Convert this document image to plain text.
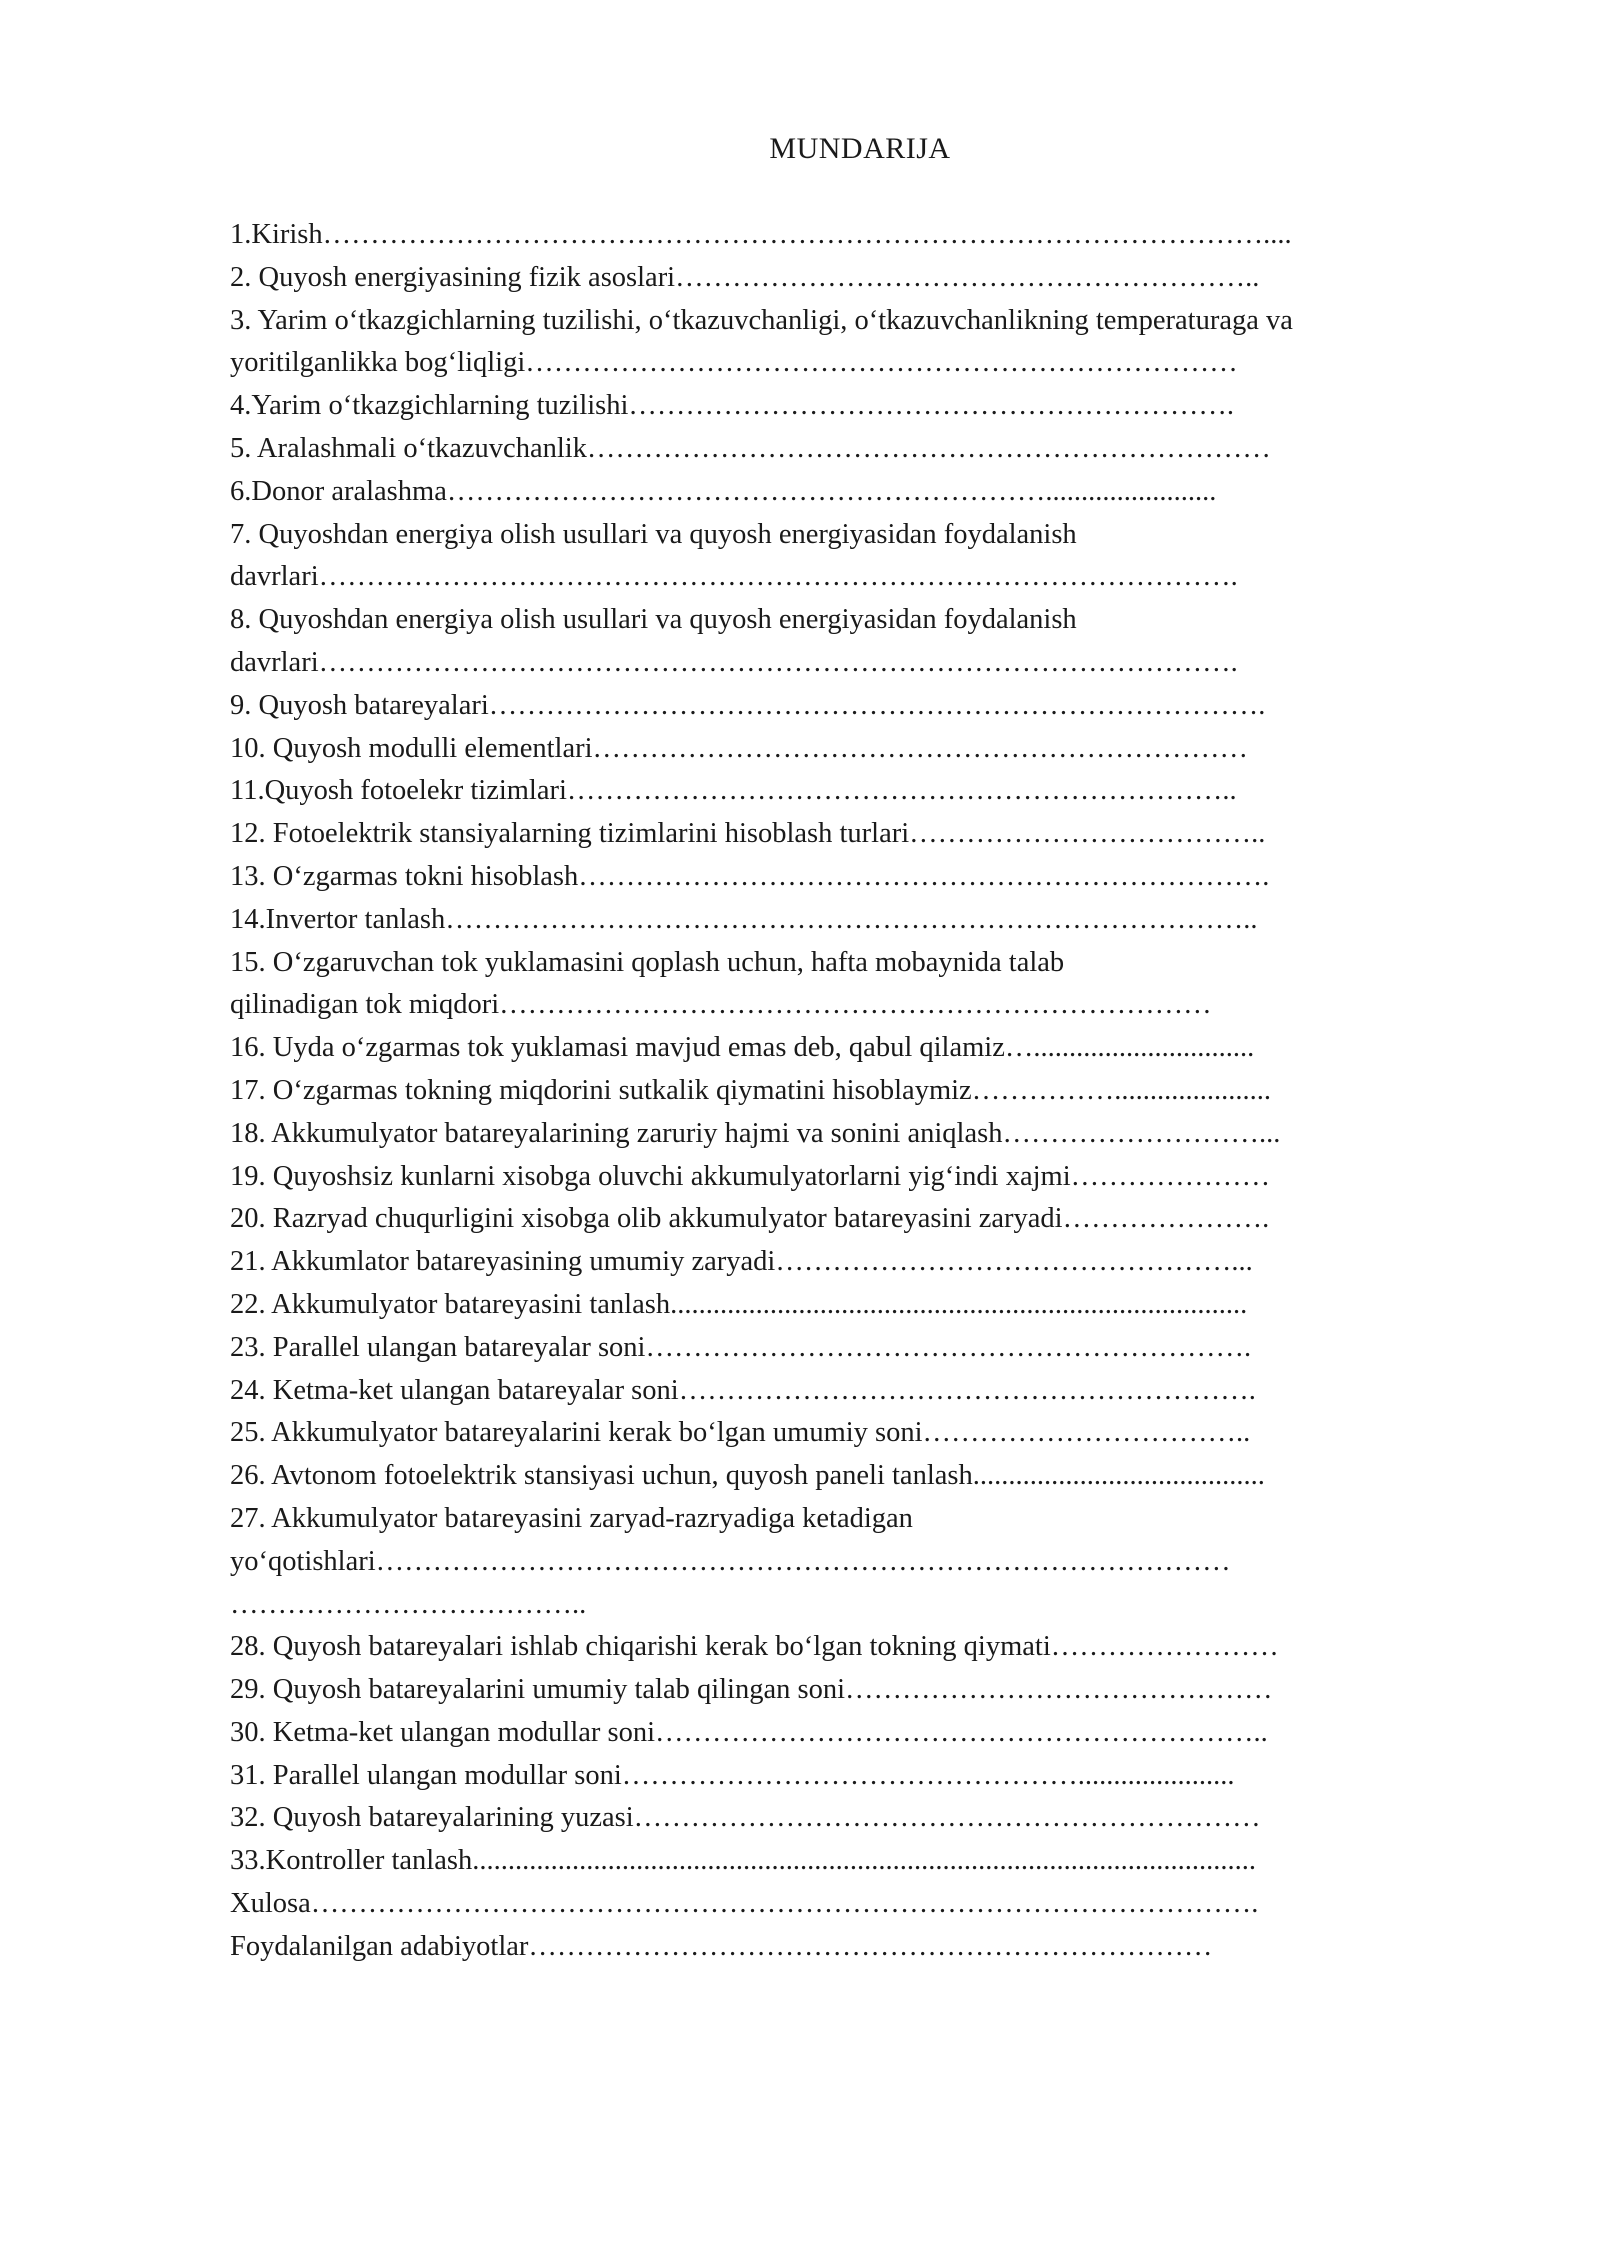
MUNDARIJA
1.Kirish………………………………………………………………………………………....
2. Quyosh energiyasining fizik asoslari……………………………………………………..
3. Yarim o‘tkazgichlarning tuzilishi, o‘tkazuvchanligi, o‘tkazuvchanlikning temperaturaga va
yoritilganlikka bog‘liqligi…………………………………………………………………
4.Yarim o‘tkazgichlarning tuzilishi……………………………………………………….
5. Aralashmali o‘tkazuvchanlik………………………………………………………………
6.Donor aralashma………………………………………………………........................
7. Quyoshdan energiya olish usullari va quyosh energiyasidan foydalanish
davrlari…………………………………………………………………………………….
8. Quyoshdan energiya olish usullari va quyosh energiyasidan foydalanish
davrlari…………………………………………………………………………………….
9. Quyosh batareyalari……………………………………………………………………….
10. Quyosh modulli elementlari……………………………………………………………
11.Quyosh fotoelekr tizimlari……………………………………………………………..
12. Fotoelektrik stansiyalarning tizimlarini hisoblash turlari………………………………..
13. O‘zgarmas tokni hisoblash……………………………………………………………….
14.Invertor tanlash…………………………………………………………………………..
15. O‘zgaruvchan tok yuklamasini qoplash uchun, hafta mobaynida talab
qilinadigan tok miqdori…………………………………………………………………
16. Uyda o‘zgarmas tok yuklamasi mavjud emas deb, qabul qilamiz…...............................
17. O‘zgarmas tokning miqdorini sutkalik qiymatini hisoblaymiz……………......................
18. Akkumulyator batareyalarining zaruriy hajmi va sonini aniqlash………………………...
19. Quyoshsiz kunlarni xisobga oluvchi akkumulyatorlarni yig‘indi xajmi…………………
20. Razryad chuqurligini xisobga olib akkumulyator batareyasini zaryadi………………….
21. Akkumlator batareyasining umumiy zaryadi…………………………………………...
22. Akkumulyator batareyasini tanlash.................................................................................
23. Parallel ulangan batareyalar soni……………………………………………………….
24. Ketma-ket ulangan batareyalar soni…………………………………………………….
25. Akkumulyator batareyalarini kerak bo‘lgan umumiy soni……………………………..
26. Avtonom fotoelektrik stansiyasi uchun, quyosh paneli tanlash.........................................
27. Akkumulyator batareyasini zaryad-razryadiga ketadigan
yo‘qotishlari………………………………………………………………………………
………………………………..
28. Quyosh batareyalari ishlab chiqarishi kerak bo‘lgan tokning qiymati……………………
29. Quyosh batareyalarini umumiy talab qilingan soni………………………………………
30. Ketma-ket ulangan modullar soni………………………………………………………..
31. Parallel ulangan modullar soni…………………………………………......................
32. Quyosh batareyalarining yuzasi…………………………………………………………
33.Kontroller tanlash..............................................................................................................
Xulosa……………………………………………………………………………………….
Foydalanilgan adabiyotlar………………………………………………………………
